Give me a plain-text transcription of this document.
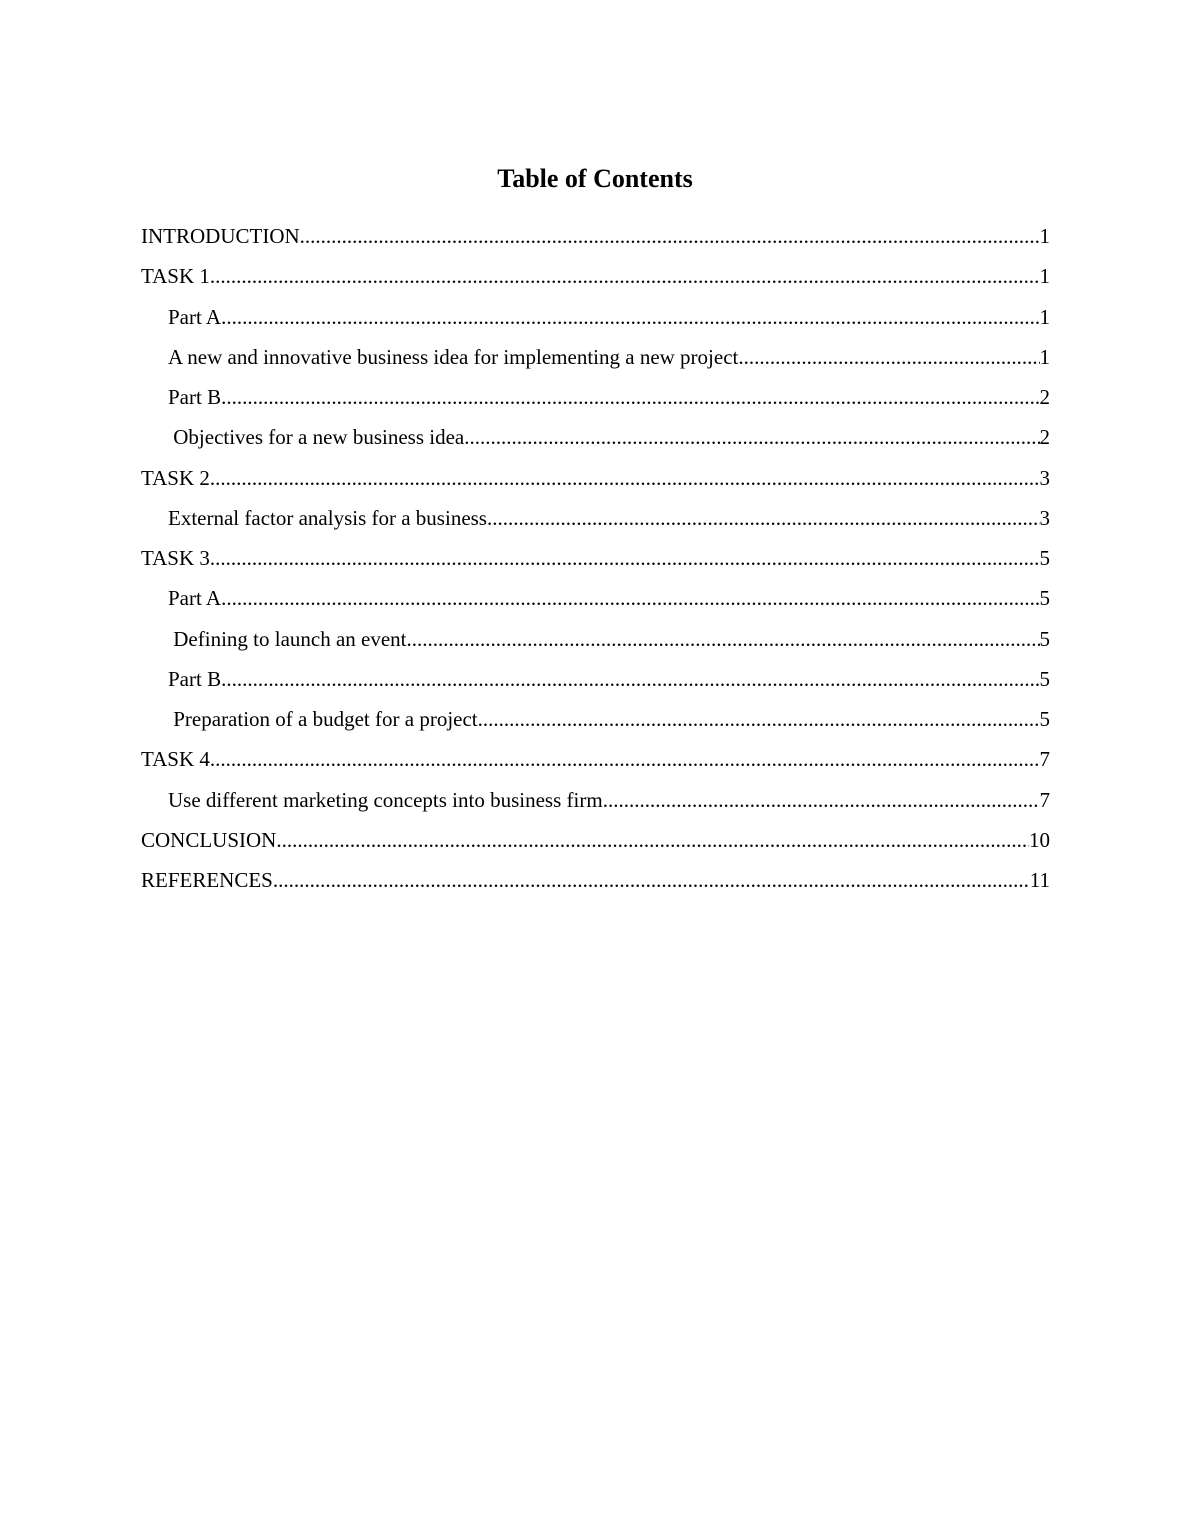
Table of Contents
INTRODUCTION .....	1
TASK 1 .....	1
Part A .....	1
A new and innovative business idea for implementing a new project .....	1
Part B .....	2
Objectives for a new business idea .....	2
TASK 2 .....	3
External factor analysis for a business .....	3
TASK 3 .....	5
Part A .....	5
Defining to launch an event .....	5
Part B .....	5
Preparation of a budget for a project .....	5
TASK 4 .....	7
Use different marketing concepts into business firm .....	7
CONCLUSION .....	10
REFERENCES .....	11
